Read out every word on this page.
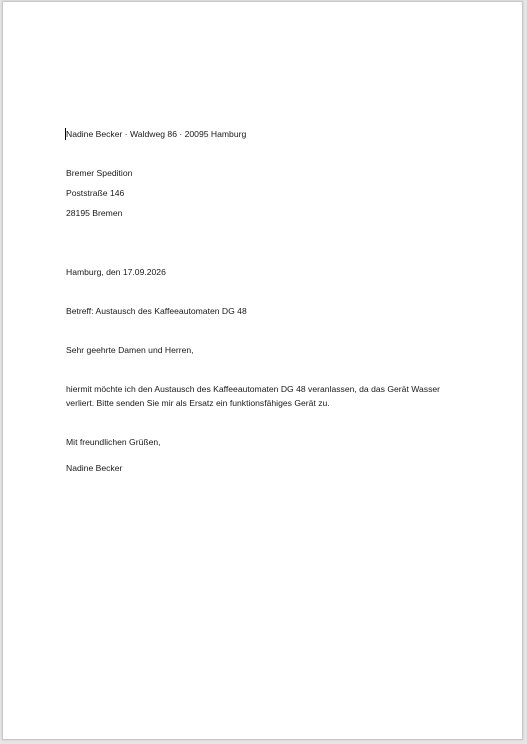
Nadine Becker · Waldweg 86 · 20095 Hamburg
Bremer Spedition
Poststraße 146
28195 Bremen
Hamburg, den 17.09.2026
Betreff: Austausch des Kaffeeautomaten DG 48
Sehr geehrte Damen und Herren,
hiermit möchte ich den Austausch des Kaffeeautomaten DG 48 veranlassen, da das Gerät Wasser
verliert. Bitte senden Sie mir als Ersatz ein funktionsfähiges Gerät zu.
Mit freundlichen Grüßen,
Nadine Becker
